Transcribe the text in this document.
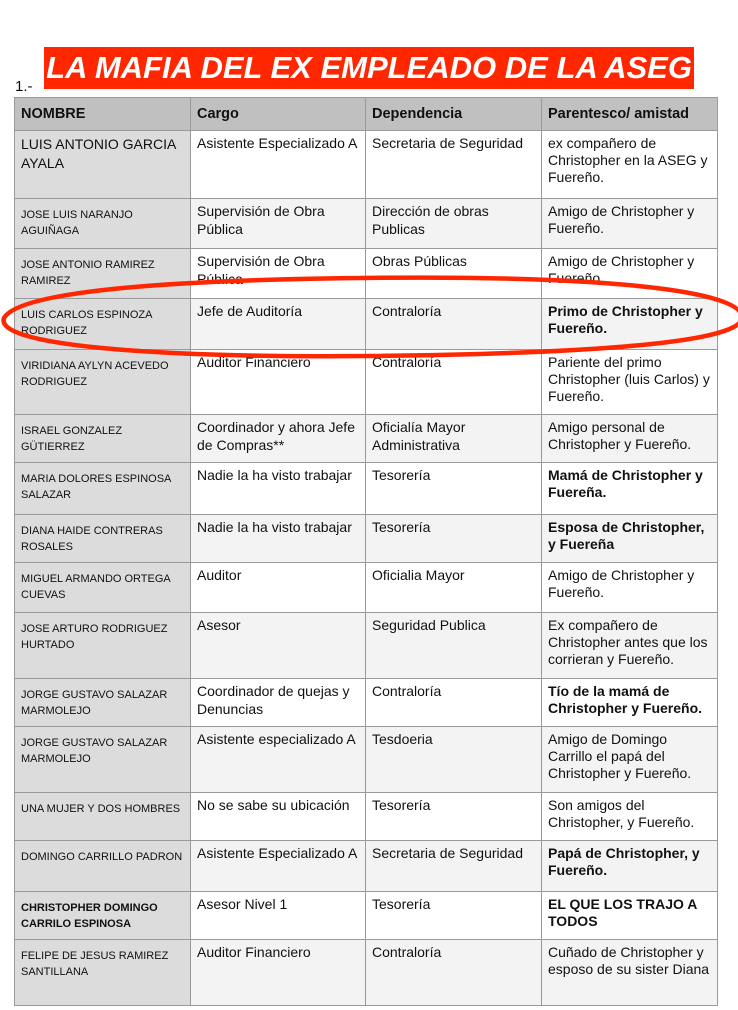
LA MAFIA DEL EX EMPLEADO DE LA ASEG
1.-
NOMBRE	Cargo	Dependencia	Parentesco/ amistad
LUIS ANTONIO GARCIA AYALA	Asistente Especializado A	Secretaria de Seguridad	ex compañero de Christopher en la ASEG y Fuereño.
JOSE LUIS NARANJO AGUIÑAGA	Supervisión de Obra Pública	Dirección de obras Publicas	Amigo de Christopher y Fuereño.
JOSE ANTONIO RAMIREZ RAMIREZ	Supervisión de Obra Pública	Obras Públicas	Amigo de Christopher y Fuereño.
LUIS CARLOS ESPINOZA RODRIGUEZ	Jefe de Auditoría	Contraloría	Primo de Christopher y Fuereño.
VIRIDIANA AYLYN ACEVEDO RODRIGUEZ	Auditor Financiero	Contraloría	Pariente del primo Christopher (luis Carlos) y Fuereño.
ISRAEL GONZALEZ GÜTIERREZ	Coordinador y ahora Jefe de Compras**	Oficialía Mayor Administrativa	Amigo personal de Christopher y Fuereño.
MARIA DOLORES ESPINOSA SALAZAR	Nadie la ha visto trabajar	Tesorería	Mamá de Christopher y Fuereña.
DIANA HAIDE CONTRERAS ROSALES	Nadie la ha visto trabajar	Tesorería	Esposa de Christopher, y Fuereña
MIGUEL ARMANDO ORTEGA CUEVAS	Auditor	Oficialia Mayor	Amigo de Christopher y Fuereño.
JOSE ARTURO RODRIGUEZ HURTADO	Asesor	Seguridad Publica	Ex compañero de Christopher antes que los corrieran y Fuereño.
JORGE GUSTAVO SALAZAR MARMOLEJO	Coordinador de quejas y Denuncias	Contraloría	Tío de la mamá de Christopher y Fuereño.
JORGE GUSTAVO SALAZAR MARMOLEJO	Asistente especializado A	Tesdoeria	Amigo de Domingo Carrillo el papá del Christopher y Fuereño.
UNA MUJER Y DOS HOMBRES	No se sabe su ubicación	Tesorería	Son amigos del Christopher, y Fuereño.
DOMINGO CARRILLO PADRON	Asistente Especializado A	Secretaria de Seguridad	Papá de Christopher, y Fuereño.
CHRISTOPHER DOMINGO CARRILO ESPINOSA	Asesor Nivel 1	Tesorería	EL QUE LOS TRAJO A TODOS
FELIPE DE JESUS RAMIREZ SANTILLANA	Auditor Financiero	Contraloría	Cuñado de Christopher y esposo de su sister Diana
